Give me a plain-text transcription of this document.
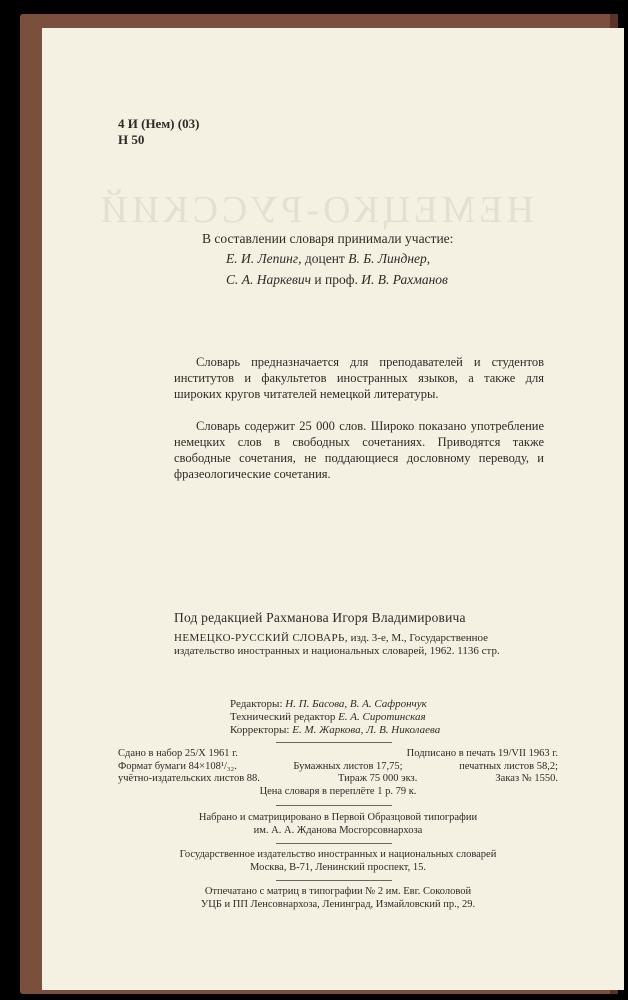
4 И (Нем) (03)
Н 50
НЕМЕЦКО-РУССКИЙ
В составлении словаря принимали участие:
Е. И. Лепинг, доцент В. Б. Линднер,
С. А. Наркевич и проф. И. В. Рахманов
Словарь предназначается для преподавателей и студентов институтов и факультетов иностранных языков, а также для широких кругов читателей немецкой литературы.
Словарь содержит 25 000 слов. Широко показано употребление немецких слов в свободных сочетаниях. Приводятся также свободные сочетания, не поддающиеся дословному переводу, и фразеологические сочетания.
Под редакцией Рахманова Игоря Владимировича
НЕМЕЦКО-РУССКИЙ СЛОВАРЬ, изд. 3-е, М., Государственное издательство иностранных и национальных словарей, 1962. 1136 стр.
Редакторы: Н. П. Басова, В. А. Сафрончук
Технический редактор Е. А. Сиротинская
Корректоры: Е. М. Жаркова, Л. В. Николаева
Сдано в набор 25/X 1961 г.	Подписано в печать 19/VII 1963 г.
Формат бумаги 84×108¹/₃₂.	Бумажных листов 17,75;	печатных листов 58,2;
учётно-издательских листов 88.	Тираж 75 000 экз.	Заказ № 1550.
Цена словаря в переплёте 1 р. 79 к.
Набрано и сматрицировано в Первой Образцовой типографии
им. А. А. Жданова Мосгорсовнархоза
Государственное издательство иностранных и национальных словарей
Москва, В-71, Ленинский проспект, 15.
Отпечатано с матриц в типографии № 2 им. Евг. Соколовой
УЦБ и ПП Ленсовнархоза, Ленинград, Измайловский пр., 29.
